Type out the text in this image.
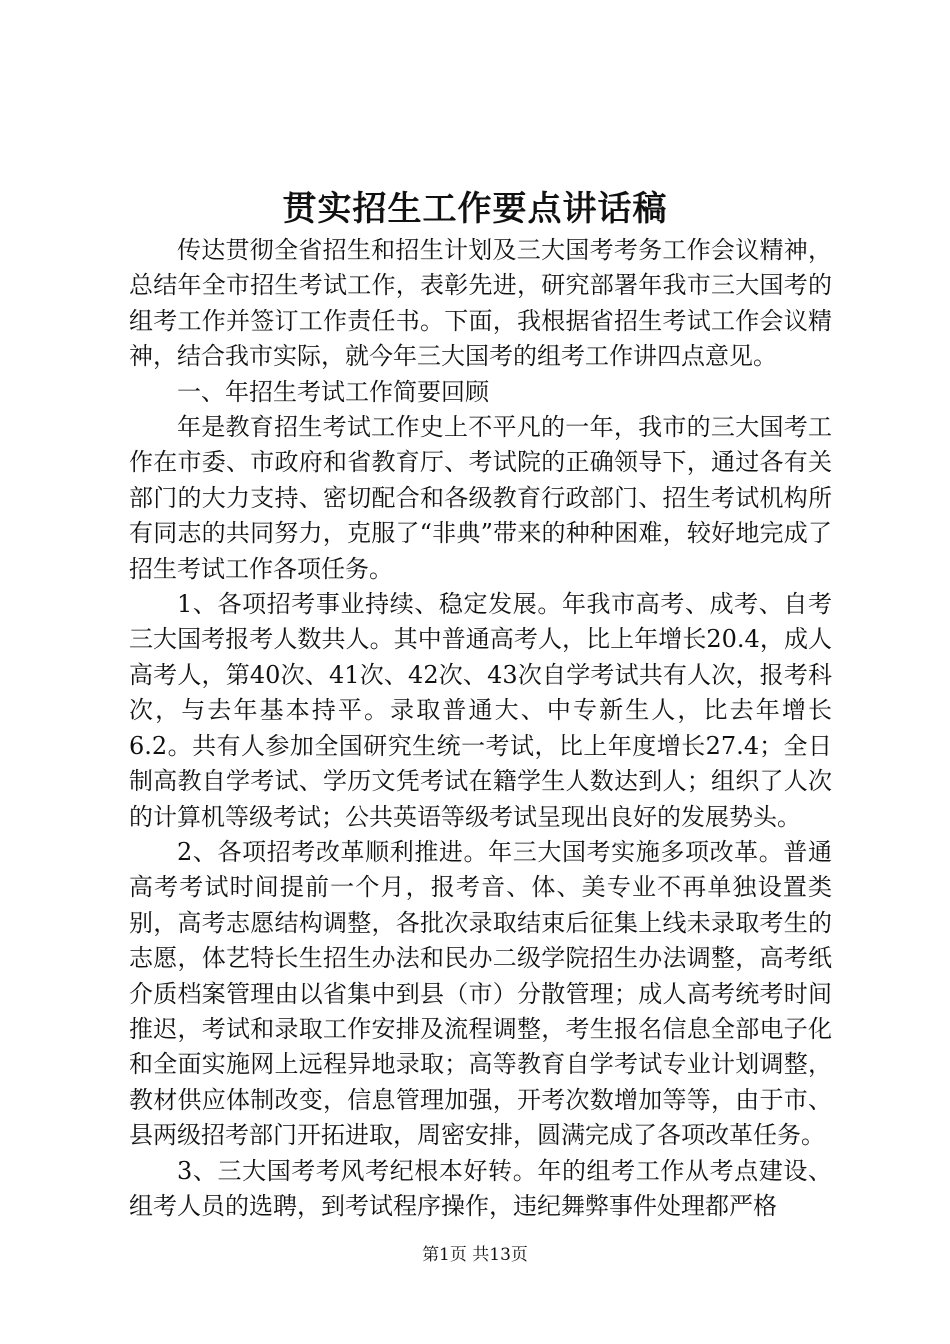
贯实招生工作要点讲话稿

传达贯彻全省招生和招生计划及三大国考考务工作会议精神，总结年全市招生考试工作，表彰先进，研究部署年我市三大国考的组考工作并签订工作责任书。下面，我根据省招生考试工作会议精神，结合我市实际，就今年三大国考的组考工作讲四点意见。

一、年招生考试工作简要回顾

年是教育招生考试工作史上不平凡的一年，我市的三大国考工作在市委、市政府和省教育厅、考试院的正确领导下，通过各有关部门的大力支持、密切配合和各级教育行政部门、招生考试机构所有同志的共同努力，克服了“非典”带来的种种困难，较好地完成了招生考试工作各项任务。

1、各项招考事业持续、稳定发展。年我市高考、成考、自考三大国考报考人数共人。其中普通高考人，比上年增长20.4，成人高考人，第40次、41次、42次、43次自学考试共有人次，报考科次，与去年基本持平。录取普通大、中专新生人，比去年增长6.2。共有人参加全国研究生统一考试，比上年度增长27.4；全日制高教自学考试、学历文凭考试在籍学生人数达到人；组织了人次的计算机等级考试；公共英语等级考试呈现出良好的发展势头。

2、各项招考改革顺利推进。年三大国考实施多项改革。普通高考考试时间提前一个月，报考音、体、美专业不再单独设置类别，高考志愿结构调整，各批次录取结束后征集上线未录取考生的志愿，体艺特长生招生办法和民办二级学院招生办法调整，高考纸介质档案管理由以省集中到县（市）分散管理；成人高考统考时间推迟，考试和录取工作安排及流程调整，考生报名信息全部电子化和全面实施网上远程异地录取；高等教育自学考试专业计划调整，教材供应体制改变，信息管理加强，开考次数增加等等，由于市、县两级招考部门开拓进取，周密安排，圆满完成了各项改革任务。

3、三大国考考风考纪根本好转。年的组考工作从考点建设、组考人员的选聘，到考试程序操作，违纪舞弊事件处理都严格

第1页 共13页
